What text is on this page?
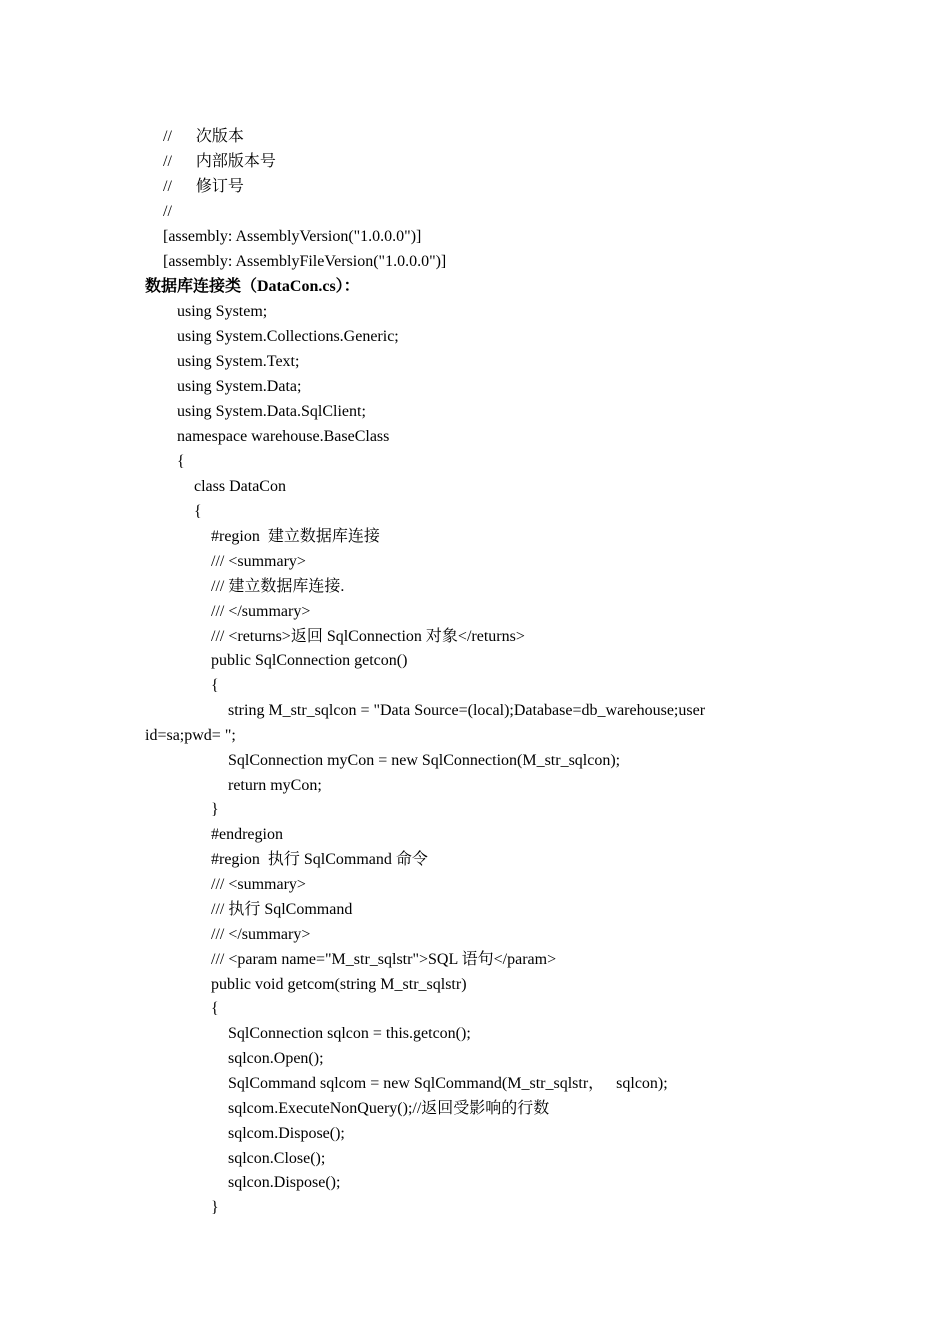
//      次版本
//      内部版本号
//      修订号
//
[assembly: AssemblyVersion("1.0.0.0")]
[assembly: AssemblyFileVersion("1.0.0.0")]
数据库连接类（DataCon.cs）：
using System;
using System.Collections.Generic;
using System.Text;
using System.Data;
using System.Data.SqlClient;
namespace warehouse.BaseClass
{
class DataCon
{
#region  建立数据库连接
/// <summary>
/// 建立数据库连接.
/// </summary>
/// <returns>返回 SqlConnection 对象</returns>
public SqlConnection getcon()
{
string M_str_sqlcon = "Data Source=(local);Database=db_warehouse;user
id=sa;pwd= ";
SqlConnection myCon = new SqlConnection(M_str_sqlcon);
return myCon;
}
#endregion
#region  执行 SqlCommand 命令
/// <summary>
/// 执行 SqlCommand
/// </summary>
/// <param name="M_str_sqlstr">SQL 语句</param>
public void getcom(string M_str_sqlstr)
{
SqlConnection sqlcon = this.getcon();
sqlcon.Open();
SqlCommand sqlcom = new SqlCommand(M_str_sqlstr，   sqlcon);
sqlcom.ExecuteNonQuery();//返回受影响的行数
sqlcom.Dispose();
sqlcon.Close();
sqlcon.Dispose();
}
